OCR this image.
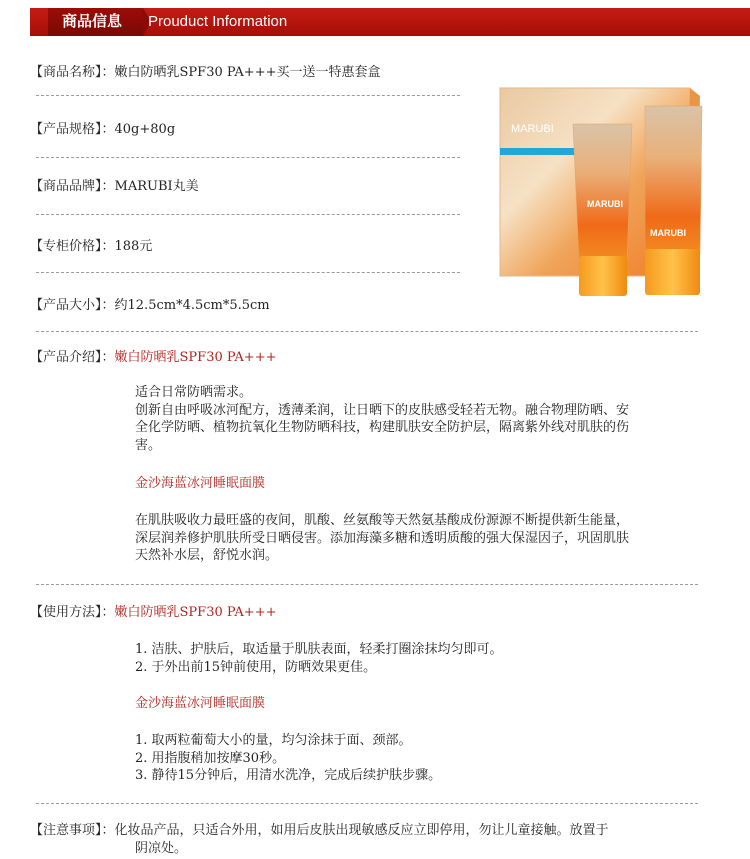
商品信息	Prouduct Information
【商品名称】：嫩白防晒乳SPF30 PA+++买一送一特惠套盒
【产品规格】：40g+80g
【商品品牌】：MARUBI丸美
【专柜价格】：188元
【产品大小】：约12.5cm*4.5cm*5.5cm
MARUBI
MARUBI
MARUBI
【产品介绍】：嫩白防晒乳SPF30 PA+++
适合日常防晒需求。
创新自由呼吸冰河配方，透薄柔润，让日晒下的皮肤感受轻若无物。融合物理防晒、安
全化学防晒、植物抗氧化生物防晒科技，构建肌肤安全防护层，隔离紫外线对肌肤的伤
害。
金沙海蓝冰河睡眠面膜
在肌肤吸收力最旺盛的夜间，肌酸、丝氨酸等天然氨基酸成份源源不断提供新生能量，
深层润养修护肌肤所受日晒侵害。添加海藻多糖和透明质酸的强大保湿因子，巩固肌肤
天然补水层，舒悦水润。
【使用方法】：嫩白防晒乳SPF30 PA+++
1. 洁肤、护肤后，取适量于肌肤表面，轻柔打圈涂抹均匀即可。
2. 于外出前15钟前使用，防晒效果更佳。
金沙海蓝冰河睡眠面膜
1. 取两粒葡萄大小的量，均匀涂抹于面、颈部。
2. 用指腹稍加按摩30秒。
3. 静待15分钟后，用清水洗净，完成后续护肤步骤。
【注意事项】：化妆品产品，只适合外用，如用后皮肤出现敏感反应立即停用，勿让儿童接触。放置于
阴凉处。
